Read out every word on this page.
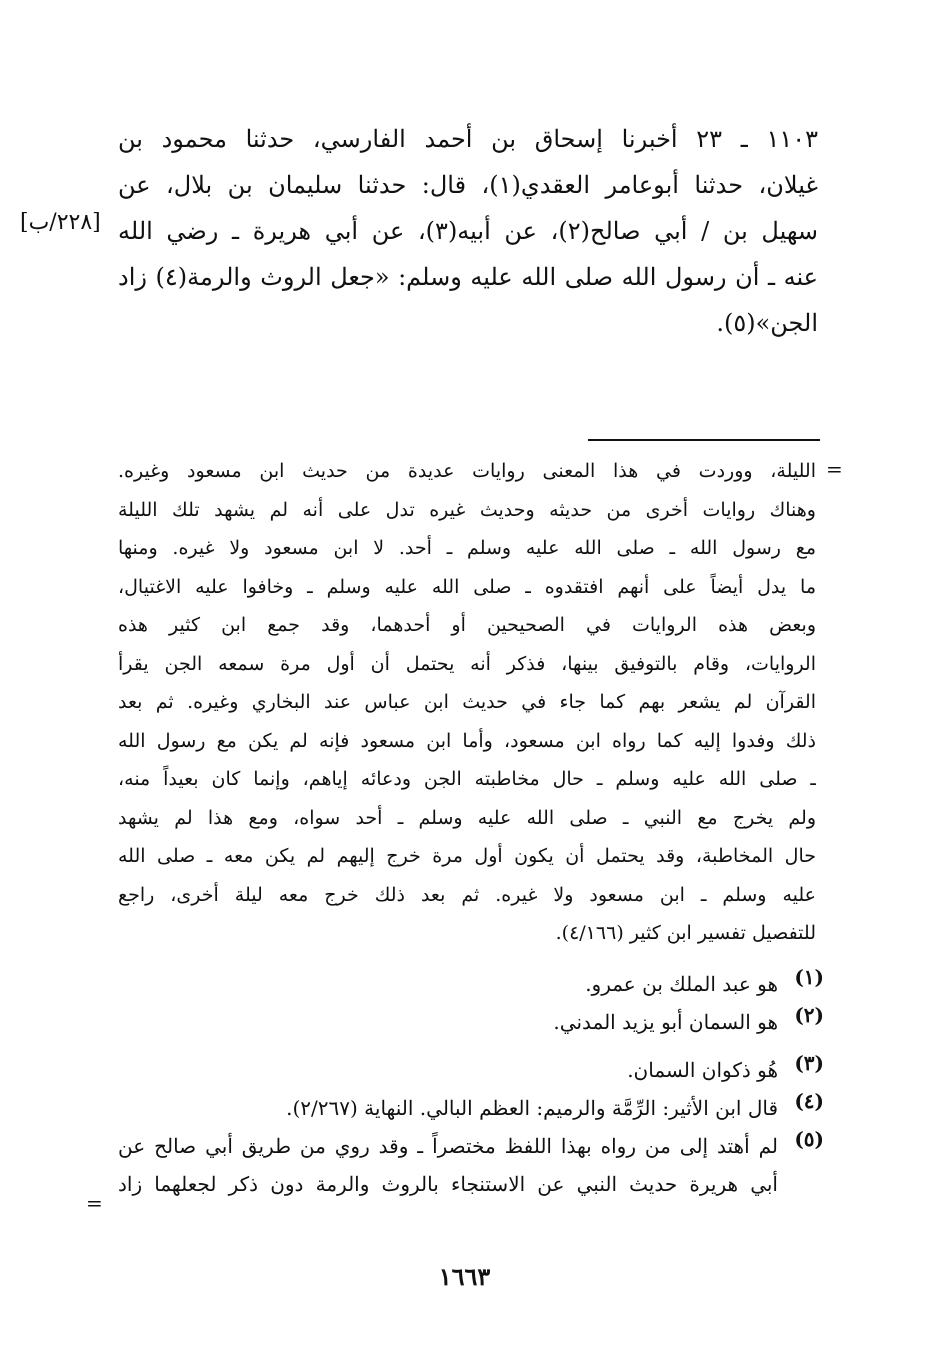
١١٠٣ ـ ٢٣ أخبرنا إسحاق بن أحمد الفارسي، حدثنا محمود بن
غيلان، حدثنا أبوعامر العقدي(١)، قال: حدثنا سليمان بن بلال، عن
سهيل بن / أبي صالح(٢)، عن أبيه(٣)، عن أبي هريرة ـ رضي الله
عنه ـ أن رسول الله صلى الله عليه وسلم: «جعل الروث والرمة(٤) زاد
الجن»(٥).
[٢٢٨/ب]
=
الليلة، ووردت في هذا المعنى روايات عديدة من حديث ابن مسعود وغيره.
وهناك روايات أخرى من حديثه وحديث غيره تدل على أنه لم يشهد تلك الليلة
مع رسول الله ـ صلى الله عليه وسلم ـ أحد. لا ابن مسعود ولا غيره. ومنها
ما يدل أيضاً على أنهم افتقدوه ـ صلى الله عليه وسلم ـ وخافوا عليه الاغتيال،
وبعض هذه الروايات في الصحيحين أو أحدهما، وقد جمع ابن كثير هذه
الروايات، وقام بالتوفيق بينها، فذكر أنه يحتمل أن أول مرة سمعه الجن يقرأ
القرآن لم يشعر بهم كما جاء في حديث ابن عباس عند البخاري وغيره. ثم بعد
ذلك وفدوا إليه كما رواه ابن مسعود، وأما ابن مسعود فإنه لم يكن مع رسول الله
ـ صلى الله عليه وسلم ـ حال مخاطبته الجن ودعائه إياهم، وإنما كان بعيداً منه،
ولم يخرج مع النبي ـ صلى الله عليه وسلم ـ أحد سواه، ومع هذا لم يشهد
حال المخاطبة، وقد يحتمل أن يكون أول مرة خرج إليهم لم يكن معه ـ صلى الله
عليه وسلم ـ ابن مسعود ولا غيره. ثم بعد ذلك خرج معه ليلة أخرى، راجع
للتفصيل تفسير ابن كثير (٤/١٦٦).
(١)
هو عبد الملك بن عمرو.
(٢)
هو السمان أبو يزيد المدني.
(٣)
هُو ذكوان السمان.
(٤)
قال ابن الأثير: الرِّمَّة والرميم: العظم البالي. النهاية (٢/٢٦٧).
(٥)
لم أهتد إلى من رواه بهذا اللفظ مختصراً ـ وقد روي من طريق أبي صالح عن
أبي هريرة حديث النبي عن الاستنجاء بالروث والرمة دون ذكر لجعلهما زاد
=
١٦٦٣
